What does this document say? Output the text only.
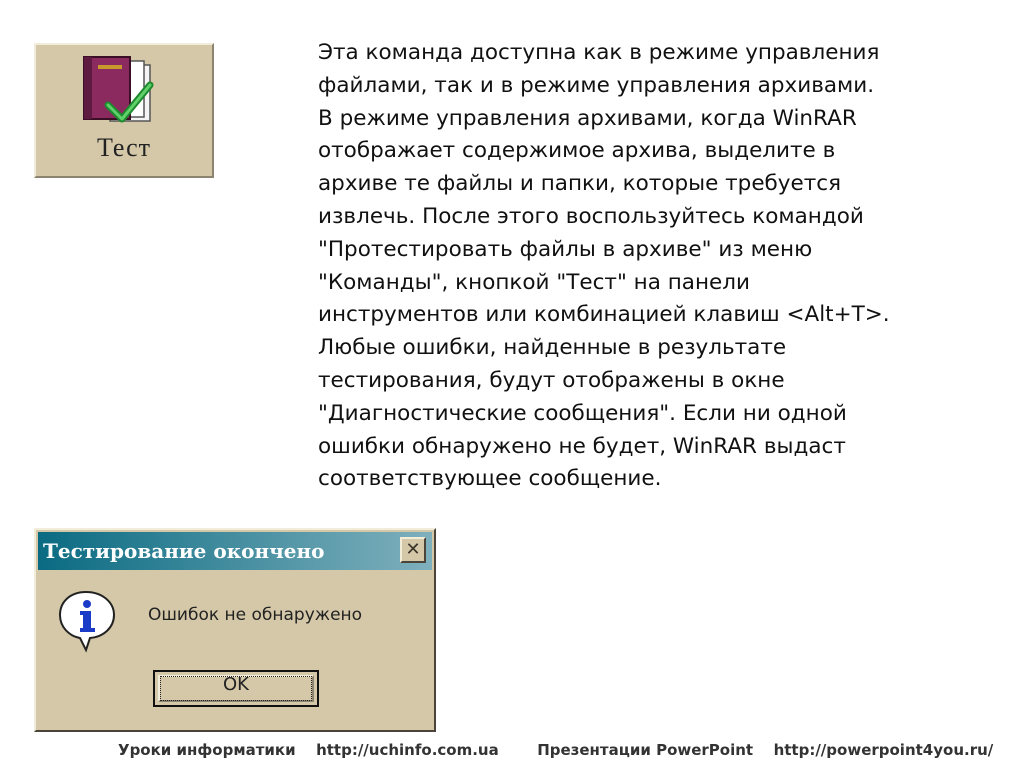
Тест
Эта команда доступна как в режиме управления
файлами, так и в режиме управления архивами.
В режиме управления архивами, когда WinRAR
отображает содержимое архива, выделите в
архиве те файлы и папки, которые требуется
извлечь. После этого воспользуйтесь командой
"Протестировать файлы в архиве" из меню
"Команды", кнопкой "Тест" на панели
инструментов или комбинацией клавиш <Alt+T>.
Любые ошибки, найденные в результате
тестирования, будут отображены в окне
"Диагностические сообщения". Если ни одной
ошибки обнаружено не будет, WinRAR выдаст
соответствующее сообщение.
Тестирование окончено	✕
Ошибок не обнаружено
OK
Уроки информатики http://uchinfo.com.ua	Презентации PowerPoint http://powerpoint4you.ru/
